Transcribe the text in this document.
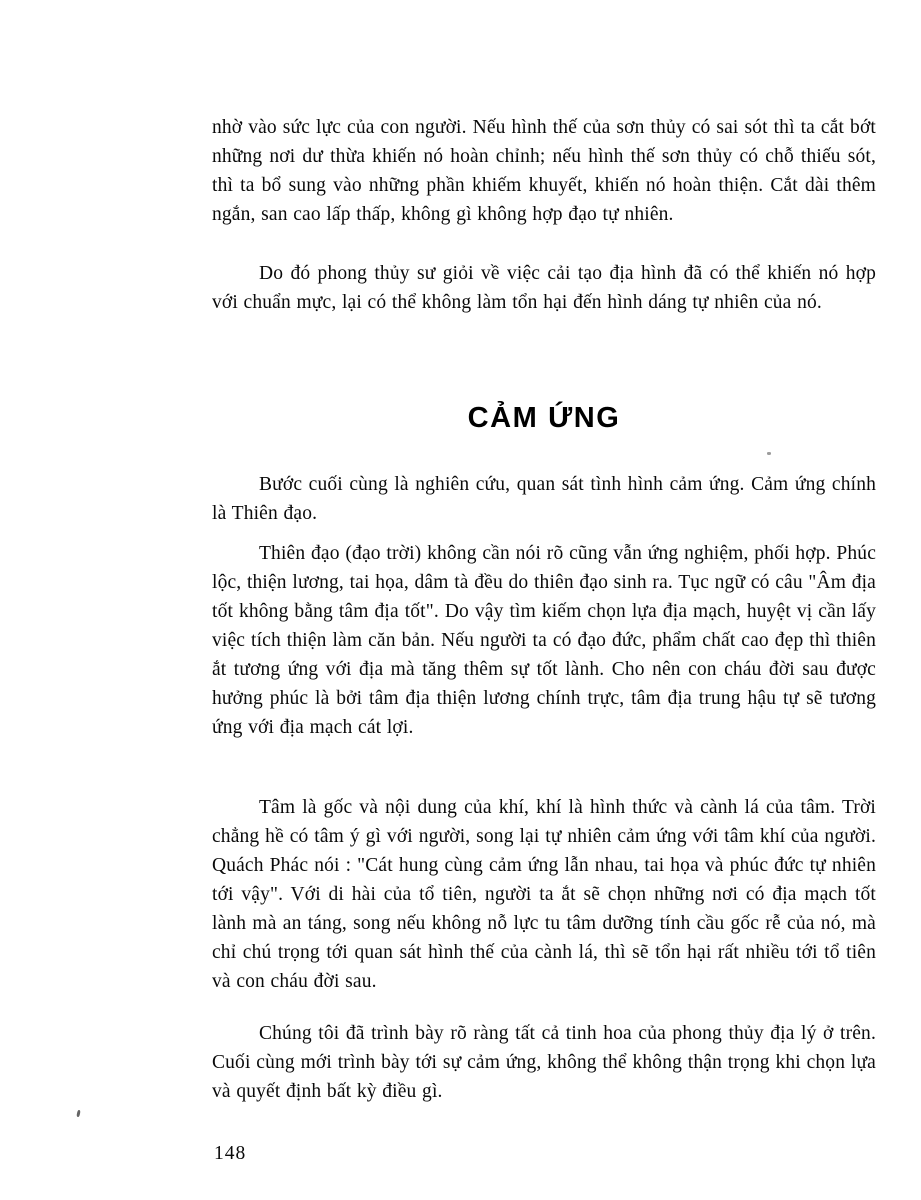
nhờ vào sức lực của con người. Nếu hình thế của sơn thủy có sai sót thì ta cắt bớt những nơi dư thừa khiến nó hoàn chỉnh; nếu hình thế sơn thủy có chỗ thiếu sót, thì ta bổ sung vào những phần khiếm khuyết, khiến nó hoàn thiện. Cắt dài thêm ngắn, san cao lấp thấp, không gì không hợp đạo tự nhiên.

Do đó phong thủy sư giỏi về việc cải tạo địa hình đã có thể khiến nó hợp với chuẩn mực, lại có thể không làm tổn hại đến hình dáng tự nhiên của nó.

CẢM ỨNG

Bước cuối cùng là nghiên cứu, quan sát tình hình cảm ứng. Cảm ứng chính là Thiên đạo.

Thiên đạo (đạo trời) không cần nói rõ cũng vẫn ứng nghiệm, phối hợp. Phúc lộc, thiện lương, tai họa, dâm tà đều do thiên đạo sinh ra. Tục ngữ có câu "Âm địa tốt không bằng tâm địa tốt". Do vậy tìm kiếm chọn lựa địa mạch, huyệt vị cần lấy việc tích thiện làm căn bản. Nếu người ta có đạo đức, phẩm chất cao đẹp thì thiên ắt tương ứng với địa mà tăng thêm sự tốt lành. Cho nên con cháu đời sau được hưởng phúc là bởi tâm địa thiện lương chính trực, tâm địa trung hậu tự sẽ tương ứng với địa mạch cát lợi.

Tâm là gốc và nội dung của khí, khí là hình thức và cành lá của tâm. Trời chẳng hề có tâm ý gì với người, song lại tự nhiên cảm ứng với tâm khí của người. Quách Phác nói : "Cát hung cùng cảm ứng lẫn nhau, tai họa và phúc đức tự nhiên tới vậy". Với di hài của tổ tiên, người ta ắt sẽ chọn những nơi có địa mạch tốt lành mà an táng, song nếu không nỗ lực tu tâm dưỡng tính cầu gốc rễ của nó, mà chỉ chú trọng tới quan sát hình thế của cành lá, thì sẽ tổn hại rất nhiều tới tổ tiên và con cháu đời sau.

Chúng tôi đã trình bày rõ ràng tất cả tinh hoa của phong thủy địa lý ở trên. Cuối cùng mới trình bày tới sự cảm ứng, không thể không thận trọng khi chọn lựa và quyết định bất kỳ điều gì.

148
